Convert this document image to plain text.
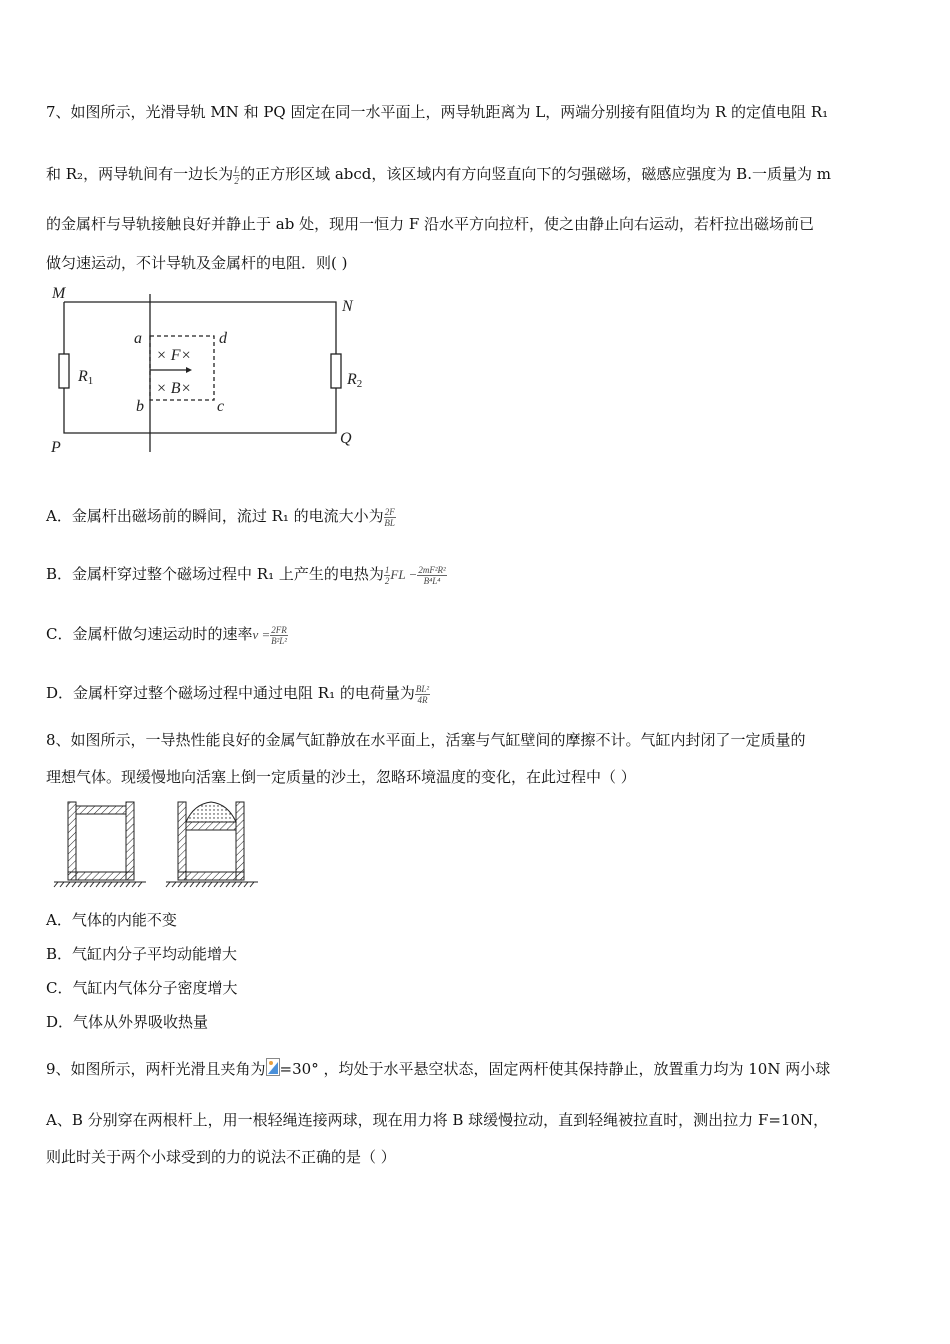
7、如图所示，光滑导轨 MN 和 PQ 固定在同一水平面上，两导轨距离为 L，两端分别接有阻值均为 R 的定值电阻 R₁
和 R₂，两导轨间有一边长为 $\frac{L}{2}$ 的正方形区域 abcd，该区域内有方向竖直向下的匀强磁场，磁感应强度为 B.一质量为 m
的金属杆与导轨接触良好并静止于 ab 处，现用一恒力 F 沿水平方向拉杆，使之由静止向右运动，若杆拉出磁场前已
做匀速运动，不计导轨及金属杆的电阻．则( )
M
N
P
Q
a	d
b	c
R1	R2
× F×
× B×
A．金属杆出磁场前的瞬间，流过 R₁ 的电流大小为 $\frac{2F}{BL}$
B．金属杆穿过整个磁场过程中 R₁ 上产生的电热为 $\frac{1}{2}$ FL − $\frac{\text{2mF²R²}}{\text{B⁴L⁴}}$
C．金属杆做匀速运动时的速率$v = \frac{2FR}{\text{B²L²}}$
D．金属杆穿过整个磁场过程中通过电阻 R₁ 的电荷量为 $\frac{\text{BL²}}{4R}$
8、如图所示，一导热性能良好的金属气缸静放在水平面上，活塞与气缸壁间的摩擦不计。气缸内封闭了一定质量的
理想气体。现缓慢地向活塞上倒一定质量的沙土，忽略环境温度的变化，在此过程中（ ）
A．气体的内能不变
B．气缸内分子平均动能增大
C．气缸内气体分子密度增大
D．气体从外界吸收热量
9、如图所示，两杆光滑且夹角为 =30° ，均处于水平悬空状态，固定两杆使其保持静止，放置重力均为 10N 两小球
A、B 分别穿在两根杆上，用一根轻绳连接两球，现在用力将 B 球缓慢拉动，直到轻绳被拉直时，测出拉力 F=10N，
则此时关于两个小球受到的力的说法不正确的是（ ）
